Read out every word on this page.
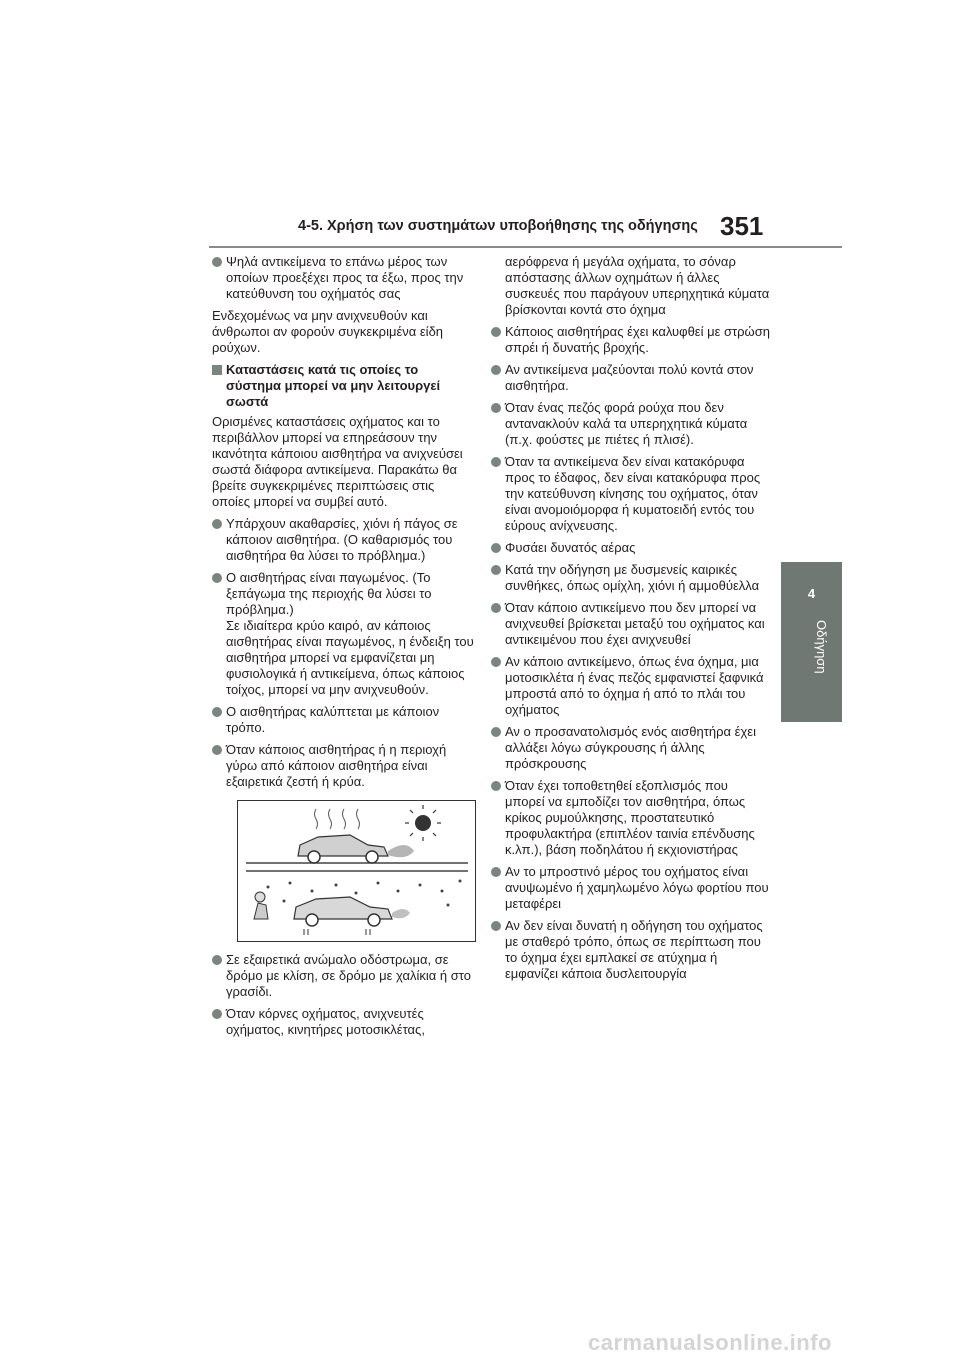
4-5. Χρήση των συστημάτων υποβοήθησης της οδήγησης 351
4
Οδήγηση
Ψηλά αντικείμενα το επάνω μέρος των οποίων προεξέχει προς τα έξω, προς την κατεύθυνση του οχήματός σας
Ενδεχομένως να μην ανιχνευθούν και άνθρωποι αν φορούν συγκεκριμένα είδη ρούχων.
Καταστάσεις κατά τις οποίες το σύστημα μπορεί να μην λειτουργεί σωστά
Ορισμένες καταστάσεις οχήματος και το περιβάλλον μπορεί να επηρεάσουν την ικανότητα κάποιου αισθητήρα να ανιχνεύσει σωστά διάφορα αντικείμενα. Παρακάτω θα βρείτε συγκεκριμένες περιπτώσεις στις οποίες μπορεί να συμβεί αυτό.
Υπάρχουν ακαθαρσίες, χιόνι ή πάγος σε κάποιον αισθητήρα. (Ο καθαρισμός του αισθητήρα θα λύσει το πρόβλημα.)
Ο αισθητήρας είναι παγωμένος. (Το ξεπάγωμα της περιοχής θα λύσει το πρόβλημα.)
Σε ιδιαίτερα κρύο καιρό, αν κάποιος αισθητήρας είναι παγωμένος, η ένδειξη του αισθητήρα μπορεί να εμφανίζεται μη φυσιολογικά ή αντικείμενα, όπως κάποιος τοίχος, μπορεί να μην ανιχνευθούν.
Ο αισθητήρας καλύπτεται με κάποιον τρόπο.
Όταν κάποιος αισθητήρας ή η περιοχή γύρω από κάποιον αισθητήρα είναι εξαιρετικά ζεστή ή κρύα.
Σε εξαιρετικά ανώμαλο οδόστρωμα, σε δρόμο με κλίση, σε δρόμο με χαλίκια ή στο γρασίδι.
Όταν κόρνες οχήματος, ανιχνευτές οχήματος, κινητήρες μοτοσικλέτας,
αερόφρενα ή μεγάλα οχήματα, το σόναρ απόστασης άλλων οχημάτων ή άλλες συσκευές που παράγουν υπερηχητικά κύματα βρίσκονται κοντά στο όχημα
Κάποιος αισθητήρας έχει καλυφθεί με στρώση σπρέι ή δυνατής βροχής.
Αν αντικείμενα μαζεύονται πολύ κοντά στον αισθητήρα.
Όταν ένας πεζός φορά ρούχα που δεν αντανακλούν καλά τα υπερηχητικά κύματα (π.χ. φούστες με πιέτες ή πλισέ).
Όταν τα αντικείμενα δεν είναι κατακόρυφα προς το έδαφος, δεν είναι κατακόρυφα προς την κατεύθυνση κίνησης του οχήματος, όταν είναι ανομοιόμορφα ή κυματοειδή εντός του εύρους ανίχνευσης.
Φυσάει δυνατός αέρας
Κατά την οδήγηση με δυσμενείς καιρικές συνθήκες, όπως ομίχλη, χιόνι ή αμμοθύελλα
Όταν κάποιο αντικείμενο που δεν μπορεί να ανιχνευθεί βρίσκεται μεταξύ του οχήματος και αντικειμένου που έχει ανιχνευθεί
Αν κάποιο αντικείμενο, όπως ένα όχημα, μια μοτοσικλέτα ή ένας πεζός εμφανιστεί ξαφνικά μπροστά από το όχημα ή από το πλάι του οχήματος
Αν ο προσανατολισμός ενός αισθητήρα έχει αλλάξει λόγω σύγκρουσης ή άλλης πρόσκρουσης
Όταν έχει τοποθετηθεί εξοπλισμός που μπορεί να εμποδίζει τον αισθητήρα, όπως κρίκος ρυμούλκησης, προστατευτικό προφυλακτήρα (επιπλέον ταινία επένδυσης κ.λπ.), βάση ποδηλάτου ή εκχιονιστήρας
Αν το μπροστινό μέρος του οχήματος είναι ανυψωμένο ή χαμηλωμένο λόγω φορτίου που μεταφέρει
Αν δεν είναι δυνατή η οδήγηση του οχήματος με σταθερό τρόπο, όπως σε περίπτωση που το όχημα έχει εμπλακεί σε ατύχημα ή εμφανίζει κάποια δυσλειτουργία
carmanualsonline.info
